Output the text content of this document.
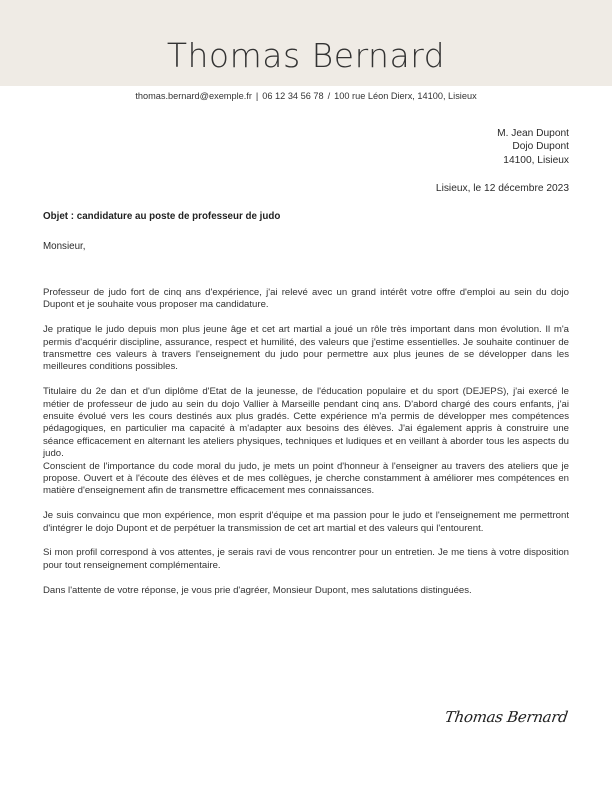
Thomas Bernard
thomas.bernard@exemple.fr | 06 12 34 56 78 / 100 rue Léon Dierx, 14100, Lisieux
M. Jean Dupont
Dojo Dupont
14100, Lisieux
Lisieux, le 12 décembre 2023
Objet : candidature au poste de professeur de judo
Monsieur,

Professeur de judo fort de cinq ans d'expérience, j'ai relevé avec un grand intérêt votre offre d'emploi au sein du dojo Dupont et je souhaite vous proposer ma candidature.

Je pratique le judo depuis mon plus jeune âge et cet art martial a joué un rôle très important dans mon évolution. Il m'a permis d'acquérir discipline, assurance, respect et humilité, des valeurs que j'estime essentielles. Je souhaite continuer de transmettre ces valeurs à travers l'enseignement du judo pour permettre aux plus jeunes de se développer dans les meilleures conditions possibles.

Titulaire du 2e dan et d'un diplôme d'Etat de la jeunesse, de l'éducation populaire et du sport (DEJEPS), j'ai exercé le métier de professeur de judo au sein du dojo Vallier à Marseille pendant cinq ans. D'abord chargé des cours enfants, j'ai ensuite évolué vers les cours destinés aux plus gradés. Cette expérience m'a permis de développer mes compétences pédagogiques, en particulier ma capacité à m'adapter aux besoins des élèves. J'ai également appris à construire une séance efficacement en alternant les ateliers physiques, techniques et ludiques et en veillant à aborder tous les aspects du judo.

Conscient de l'importance du code moral du judo, je mets un point d'honneur à l'enseigner au travers des ateliers que je propose. Ouvert et à l'écoute des élèves et de mes collègues, je cherche constamment à améliorer mes compétences en matière d'enseignement afin de transmettre efficacement mes connaissances.

Je suis convaincu que mon expérience, mon esprit d'équipe et ma passion pour le judo et l'enseignement me permettront d'intégrer le dojo Dupont et de perpétuer la transmission de cet art martial et des valeurs qui l'entourent.

Si mon profil correspond à vos attentes, je serais ravi de vous rencontrer pour un entretien. Je me tiens à votre disposition pour tout renseignement complémentaire.

Dans l'attente de votre réponse, je vous prie d'agréer, Monsieur Dupont, mes salutations distinguées.

Thomas Bernard
